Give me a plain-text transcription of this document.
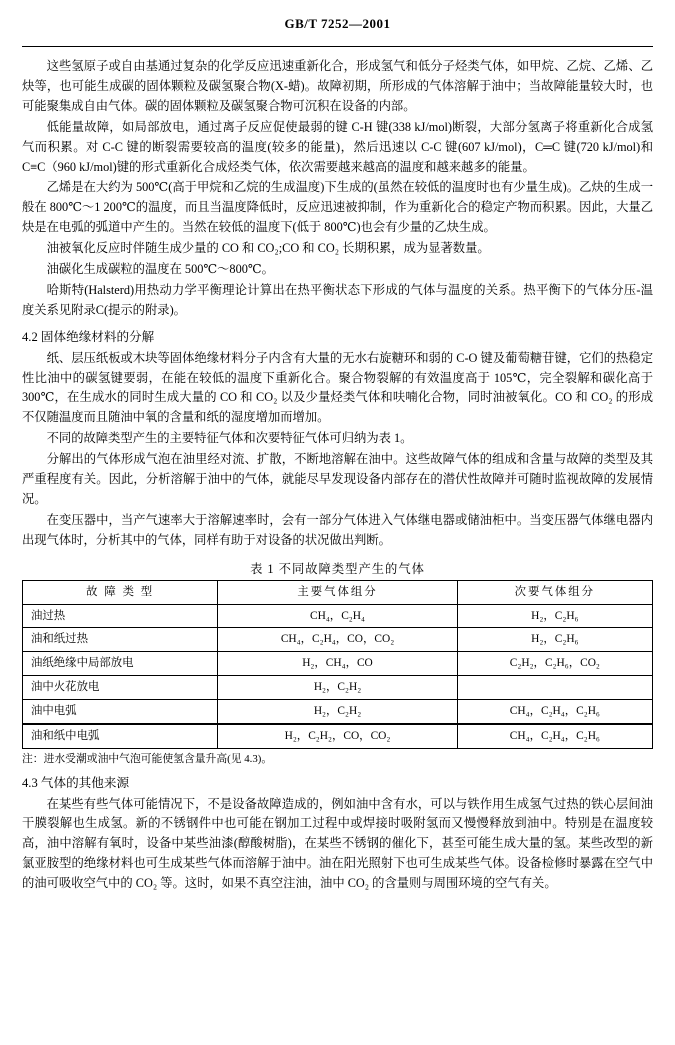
GB/T 7252—2001

这些氢原子或自由基通过复杂的化学反应迅速重新化合，形成氢气和低分子烃类气体，如甲烷、乙烷、乙烯、乙炔等，也可能生成碳的固体颗粒及碳氢聚合物(X-蜡)。故障初期，所形成的气体溶解于油中；当故障能量较大时，也可能聚集成自由气体。碳的固体颗粒及碳氢聚合物可沉积在设备的内部。

低能量故障，如局部放电，通过离子反应促使最弱的键 C-H 键(338 kJ/mol)断裂，大部分氢离子将重新化合成氢气而积累。对 C-C 键的断裂需要较高的温度(较多的能量)，然后迅速以 C-C 键(607 kJ/mol)，C═C 键(720 kJ/mol)和 C≡C（960 kJ/mol)键的形式重新化合成烃类气体，依次需要越来越高的温度和越来越多的能量。

乙烯是在大约为 500℃(高于甲烷和乙烷的生成温度)下生成的(虽然在较低的温度时也有少量生成)。乙炔的生成一般在 800℃～1 200℃的温度，而且当温度降低时，反应迅速被抑制，作为重新化合的稳定产物而积累。因此，大量乙炔是在电弧的弧道中产生的。当然在较低的温度下(低于 800℃)也会有少量的乙炔生成。

油被氧化反应时伴随生成少量的 CO 和 CO₂;CO 和 CO₂ 长期积累，成为显著数量。

油碳化生成碳粒的温度在 500℃～800℃。

哈斯特(Halsterd)用热动力学平衡理论计算出在热平衡状态下形成的气体与温度的关系。热平衡下的气体分压-温度关系见附录C(提示的附录)。

4.2 固体绝缘材料的分解

纸、层压纸板或木块等固体绝缘材料分子内含有大量的无水右旋糖环和弱的 C-O 键及葡萄糖苷键，它们的热稳定性比油中的碳氢键要弱，在能在较低的温度下重新化合。聚合物裂解的有效温度高于 105℃，完全裂解和碳化高于 300℃，在生成水的同时生成大量的 CO 和 CO₂ 以及少量烃类气体和呋喃化合物，同时油被氧化。CO 和 CO₂ 的形成不仅随温度而且随油中氧的含量和纸的湿度增加而增加。

不同的故障类型产生的主要特征气体和次要特征气体可归纳为表 1。

分解出的气体形成气泡在油里经对流、扩散，不断地溶解在油中。这些故障气体的组成和含量与故障的类型及其严重程度有关。因此，分析溶解于油中的气体，就能尽早发现设备内部存在的潜伏性故障并可随时监视故障的发展情况。

在变压器中，当产气速率大于溶解速率时，会有一部分气体进入气体继电器或储油柜中。当变压器气体继电器内出现气体时，分析其中的气体，同样有助于对设备的状况做出判断。

表 1 不同故障类型产生的气体
故 障 类 型	主要气体组分	次要气体组分
油过热	CH₄，C₂H₄	H₂，C₂H₆
油和纸过热	CH₄，C₂H₄，CO，CO₂	H₂，C₂H₆
油纸绝缘中局部放电	H₂，CH₄，CO	C₂H₂，C₂H₆，CO₂
油中火花放电	H₂，C₂H₂	
油中电弧	H₂，C₂H₂	CH₄，C₂H₄，C₂H₆
油和纸中电弧	H₂，C₂H₂，CO，CO₂	CH₄，C₂H₄，C₂H₆
注：进水受潮或油中气泡可能使氢含量升高(见 4.3)。
4.3 气体的其他来源

在某些有些气体可能情况下，不是设备故障造成的，例如油中含有水，可以与铁作用生成氢气过热的铁心层间油干膜裂解也生成氢。新的不锈钢件中也可能在钢加工过程中或焊接时吸附氢而又慢慢释放到油中。特别是在温度较高，油中溶解有氧时，设备中某些油漆(醇酸树脂)，在某些不锈钢的催化下，甚至可能生成大量的氢。某些改型的新氯亚胺型的绝缘材料也可生成某些气体而溶解于油中。油在阳光照射下也可生成某些气体。设备检修时暴露在空气中的油可吸收空气中的 CO₂ 等。这时，如果不真空注油，油中 CO₂ 的含量则与周围环境的空气有关。
